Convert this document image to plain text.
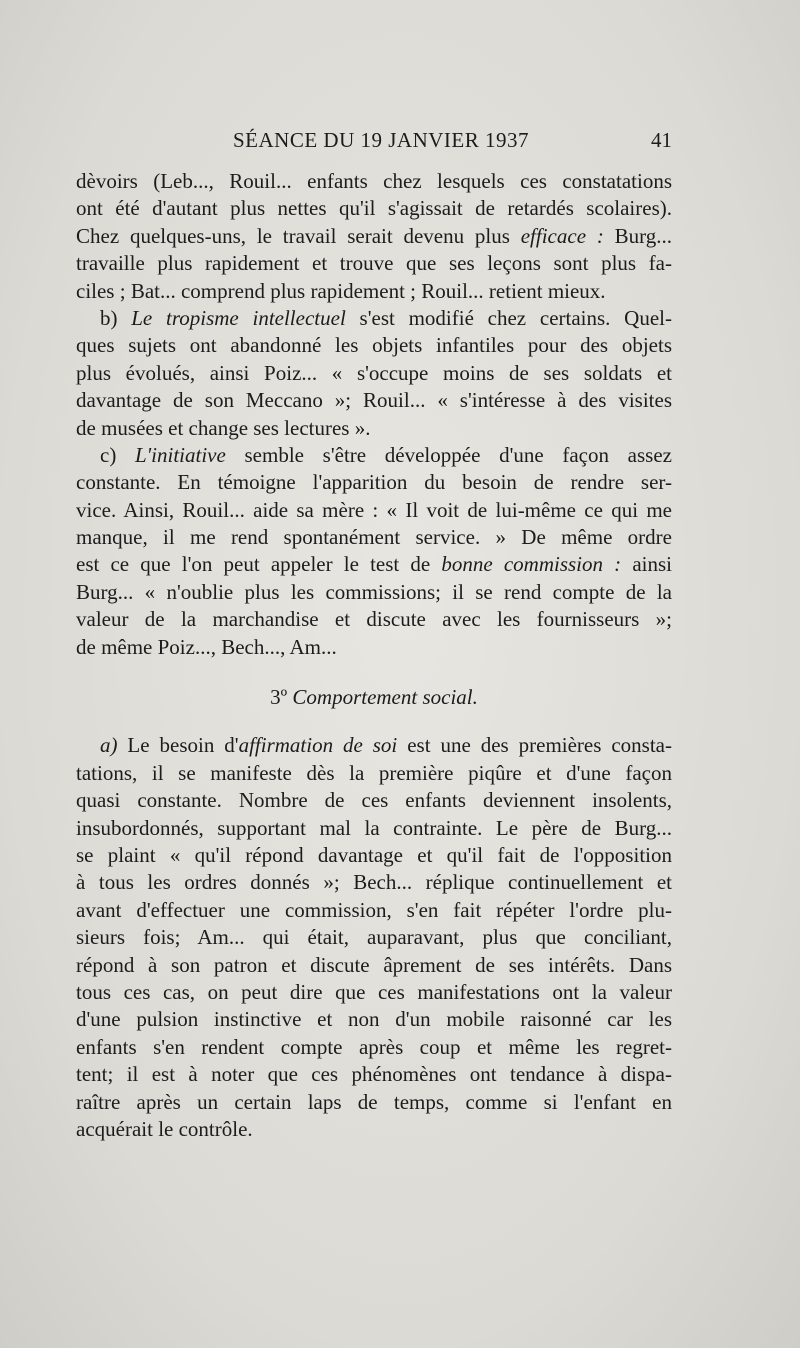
SÉANCE DU 19 JANVIER 1937	41
dèvoirs (Leb..., Rouil... enfants chez lesquels ces constatations
ont été d'autant plus nettes qu'il s'agissait de retardés scolaires).
Chez quelques-uns, le travail serait devenu plus efficace : Burg...
travaille plus rapidement et trouve que ses leçons sont plus fa-
ciles ; Bat... comprend plus rapidement ; Rouil... retient mieux.
b) Le tropisme intellectuel s'est modifié chez certains. Quel-
ques sujets ont abandonné les objets infantiles pour des objets
plus évolués, ainsi Poiz... « s'occupe moins de ses soldats et
davantage de son Meccano »; Rouil... « s'intéresse à des visites
de musées et change ses lectures ».
c) L'initiative semble s'être développée d'une façon assez
constante. En témoigne l'apparition du besoin de rendre ser-
vice. Ainsi, Rouil... aide sa mère : « Il voit de lui-même ce qui me
manque, il me rend spontanément service. » De même ordre
est ce que l'on peut appeler le test de bonne commission : ainsi
Burg... « n'oublie plus les commissions; il se rend compte de la
valeur de la marchandise et discute avec les fournisseurs »;
de même Poiz..., Bech..., Am...
3º Comportement social.
a) Le besoin d'affirmation de soi est une des premières consta-
tations, il se manifeste dès la première piqûre et d'une façon
quasi constante. Nombre de ces enfants deviennent insolents,
insubordonnés, supportant mal la contrainte. Le père de Burg...
se plaint « qu'il répond davantage et qu'il fait de l'opposition
à tous les ordres donnés »; Bech... réplique continuellement et
avant d'effectuer une commission, s'en fait répéter l'ordre plu-
sieurs fois; Am... qui était, auparavant, plus que conciliant,
répond à son patron et discute âprement de ses intérêts. Dans
tous ces cas, on peut dire que ces manifestations ont la valeur
d'une pulsion instinctive et non d'un mobile raisonné car les
enfants s'en rendent compte après coup et même les regret-
tent; il est à noter que ces phénomènes ont tendance à dispa-
raître après un certain laps de temps, comme si l'enfant en
acquérait le contrôle.
